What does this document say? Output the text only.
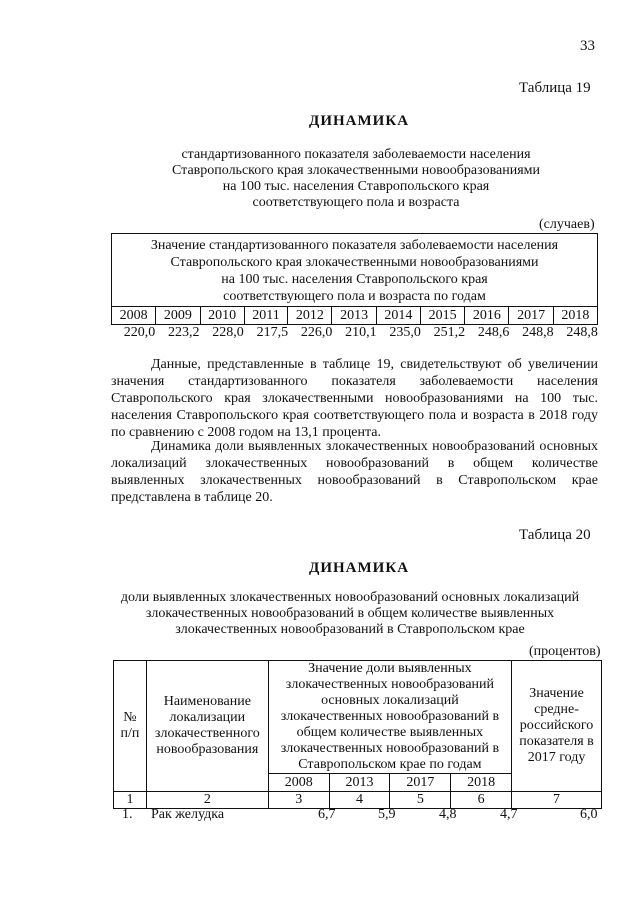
33
Таблица 19
ДИНАМИКА
стандартизованного показателя заболеваемости населения
Ставропольского края злокачественными новообразованиями
на 100 тыс. населения Ставропольского края
соответствующего пола и возраста
(случаев)
Значение стандартизованного показателя заболеваемости населения
Ставропольского края злокачественными новообразованиями
на 100 тыс. населения Ставропольского края
соответствующего пола и возраста по годам

2008	2009	2010	2011	2012	2013	2014	2015	2016	2017	2018
220,0 223,2 228,0 217,5 226,0 210,1 235,0 251,2 248,6 248,8 248,8

Данные, представленные в таблице 19, свидетельствуют об увеличении значения стандартизованного показателя заболеваемости населения Ставропольского края злокачественными новообразованиями на 100 тыс. населения Ставропольского края соответствующего пола и возраста в 2018 году по сравнению с 2008 годом на 13,1 процента.

Динамика доли выявленных злокачественных новообразований основных локализаций злокачественных новообразований в общем количестве выявленных злокачественных новообразований в Ставропольском крае представлена в таблице 20.

Таблица 20
ДИНАМИКА
доли выявленных злокачественных новообразований основных локализаций
злокачественных новообразований в общем количестве выявленных
злокачественных новообразований в Ставропольском крае
(процентов)
№ п/п	Наименование локализации злокачественного новообразования	Значение доли выявленных злокачественных новообразований основных локализаций злокачественных новообразований в общем количестве выявленных злокачественных новообразований в Ставропольском крае по годам				Значение средне-российского показателя в 2017 году
		2008	2013	2017	2018	
1	2	3	4	5	6	7
1. Рак желудка	6,7	5,9	4,8	4,7	6,0
